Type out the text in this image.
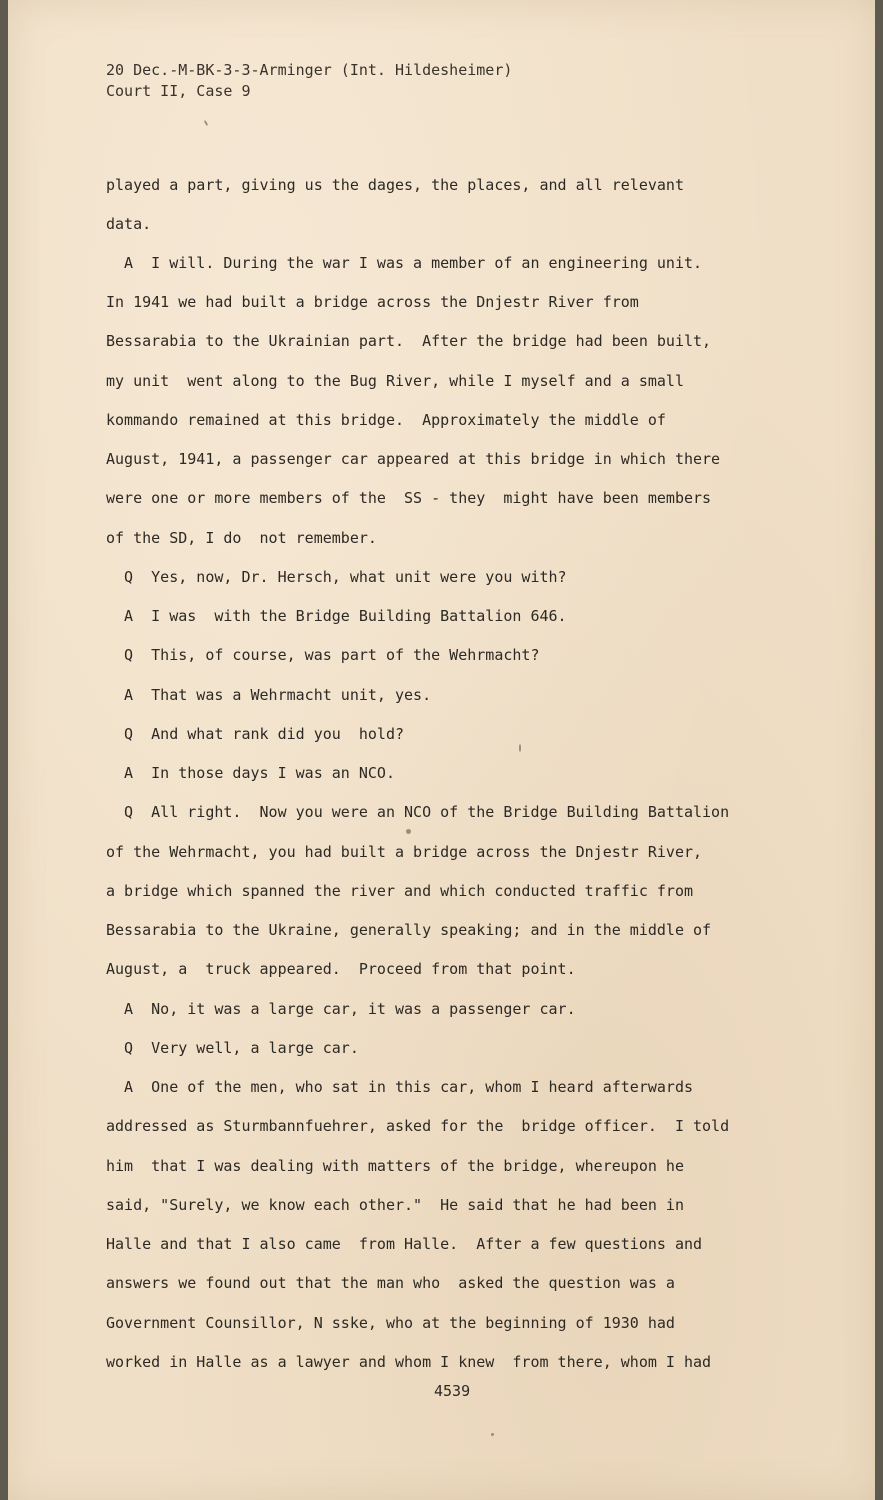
20 Dec.-M-BK-3-3-Arminger (Int. Hildesheimer)
Court II, Case 9
played a part, giving us the dages, the places, and all relevant
data.
A  I will. During the war I was a member of an engineering unit.
In 1941 we had built a bridge across the Dnjestr River from
Bessarabia to the Ukrainian part.  After the bridge had been built,
my unit  went along to the Bug River, while I myself and a small
kommando remained at this bridge.  Approximately the middle of
August, 1941, a passenger car appeared at this bridge in which there
were one or more members of the  SS - they  might have been members
of the SD, I do  not remember.
Q  Yes, now, Dr. Hersch, what unit were you with?
A  I was  with the Bridge Building Battalion 646.
Q  This, of course, was part of the Wehrmacht?
A  That was a Wehrmacht unit, yes.
Q  And what rank did you  hold?
A  In those days I was an NCO.
Q  All right.  Now you were an NCO of the Bridge Building Battalion
of the Wehrmacht, you had built a bridge across the Dnjestr River,
a bridge which spanned the river and which conducted traffic from
Bessarabia to the Ukraine, generally speaking; and in the middle of
August, a  truck appeared.  Proceed from that point.
A  No, it was a large car, it was a passenger car.
Q  Very well, a large car.
A  One of the men, who sat in this car, whom I heard afterwards
addressed as Sturmbannfuehrer, asked for the  bridge officer.  I told
him  that I was dealing with matters of the bridge, whereupon he
said, "Surely, we know each other."  He said that he had been in
Halle and that I also came  from Halle.  After a few questions and
answers we found out that the man who  asked the question was a
Government Counsillor, N sske, who at the beginning of 1930 had
worked in Halle as a lawyer and whom I knew  from there, whom I had
4539
